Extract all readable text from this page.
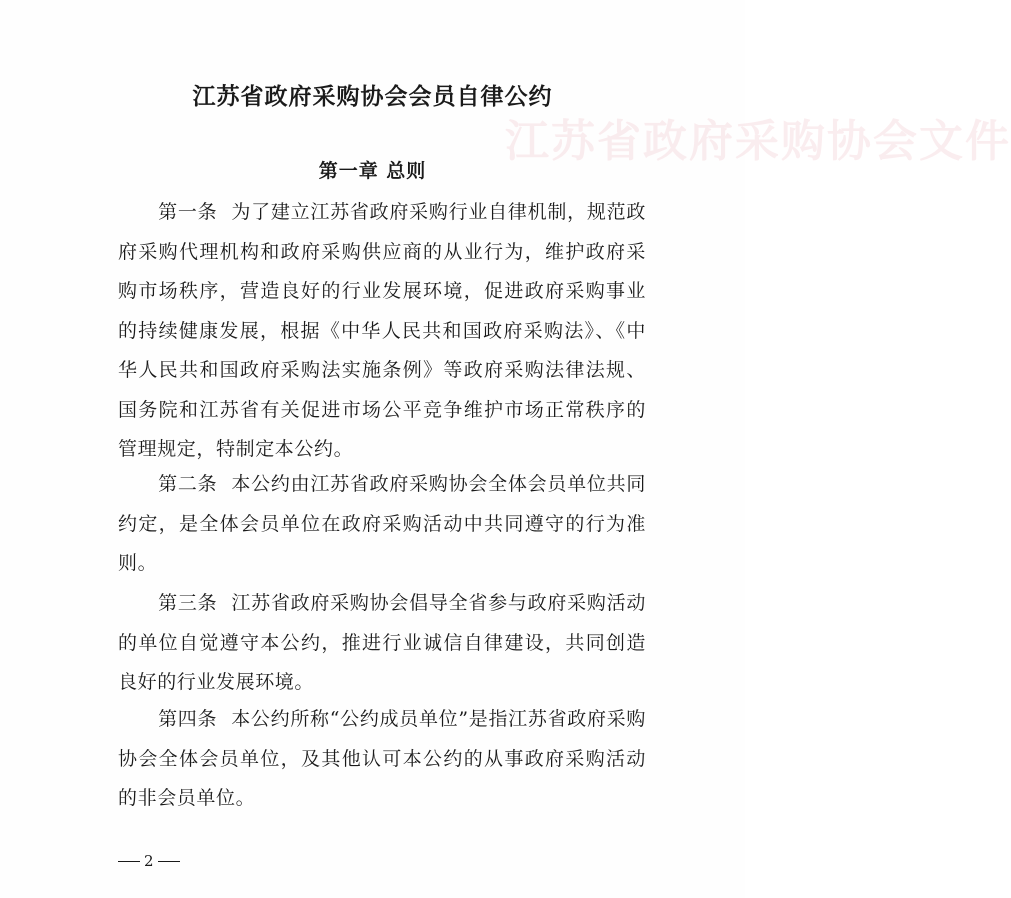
江苏省政府采购协会文件
江苏省政府采购协会会员自律公约
第一章 总则
第一条 为了建立江苏省政府采购行业自律机制，规范政府采购代理机构和政府采购供应商的从业行为，维护政府采购市场秩序，营造良好的行业发展环境，促进政府采购事业的持续健康发展，根据《中华人民共和国政府采购法》、《中华人民共和国政府采购法实施条例》等政府采购法律法规、国务院和江苏省有关促进市场公平竞争维护市场正常秩序的管理规定，特制定本公约。
第二条 本公约由江苏省政府采购协会全体会员单位共同约定，是全体会员单位在政府采购活动中共同遵守的行为准则。
第三条 江苏省政府采购协会倡导全省参与政府采购活动的单位自觉遵守本公约，推进行业诚信自律建设，共同创造良好的行业发展环境。
第四条 本公约所称“公约成员单位”是指江苏省政府采购协会全体会员单位，及其他认可本公约的从事政府采购活动的非会员单位。
2
